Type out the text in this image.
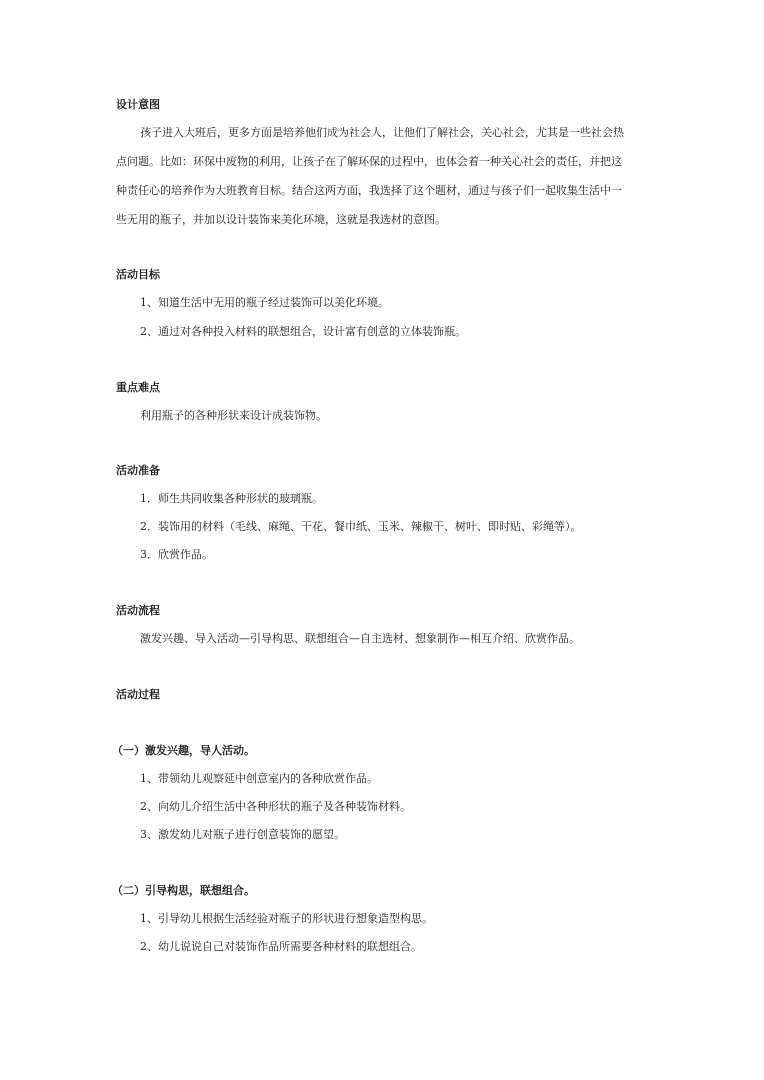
设计意图
孩子进入大班后，更多方面是培养他们成为社会人，让他们了解社会，关心社会，尤其是一些社会热
点问题。比如：环保中废物的利用，让孩子在了解环保的过程中，也体会着一种关心社会的责任，并把这
种责任心的培养作为大班教育目标。结合这两方面，我选择了这个题材，通过与孩子们一起收集生活中一
些无用的瓶子，并加以设计装饰来美化环境，这就是我选材的意图。
活动目标
1、知道生活中无用的瓶子经过装饰可以美化环境。
2、通过对各种投入材料的联想组合，设计富有创意的立体装饰瓶。
重点难点
利用瓶子的各种形状来设计成装饰物。
活动准备
1．师生共同收集各种形状的玻璃瓶。
2．装饰用的材料（毛线、麻绳、干花、餐巾纸、玉米、辣椒干、树叶、即时贴、彩绳等）。
3．欣赏作品。
活动流程
激发兴趣、导入活动—引导构思、联想组合—自主选材、想象制作—相互介绍、欣赏作品。
活动过程
（一）激发兴趣，导人活动。
1、带领幼儿观察延中创意室内的各种欣赏作品。
2、向幼儿介绍生活中各种形状的瓶子及各种装饰材料。
3、激发幼儿对瓶子进行创意装饰的愿望。
（二）引导构思，联想组合。
1、引导幼儿根据生活经验对瓶子的形状进行想象造型构思。
2、幼儿说说自己对装饰作品所需要各种材料的联想组合。
